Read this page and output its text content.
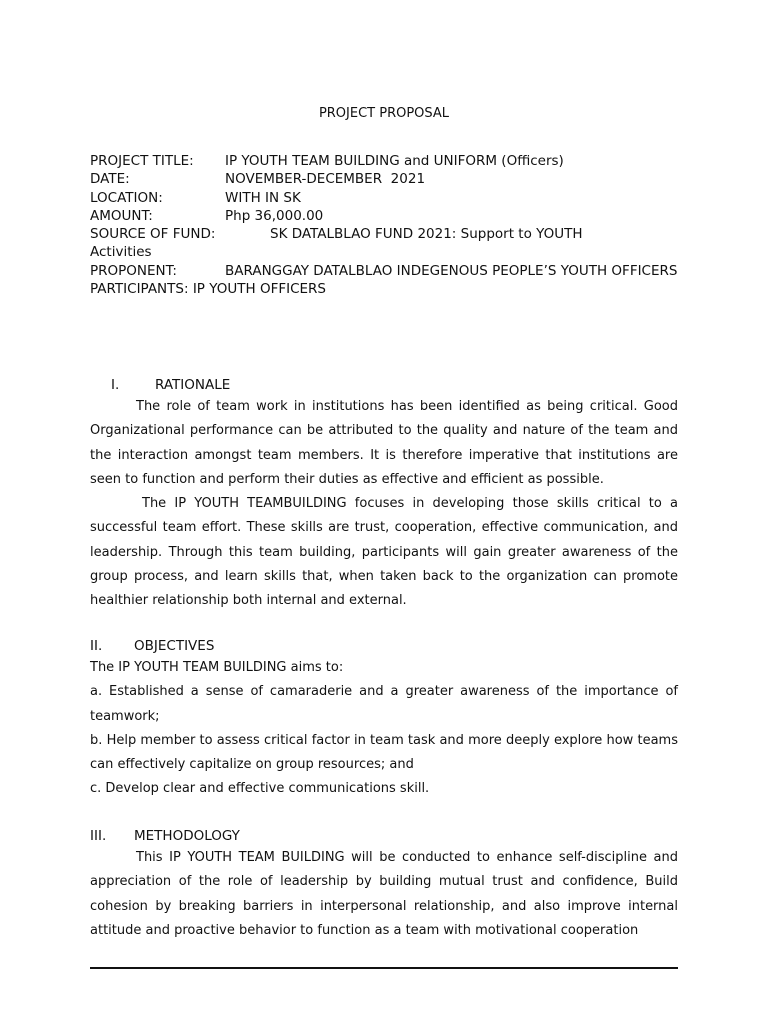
PROJECT PROPOSAL
PROJECT TITLE:	IP YOUTH TEAM BUILDING and UNIFORM (Officers)
DATE:	NOVEMBER-DECEMBER  2021
LOCATION:	WITH IN SK
AMOUNT:	Php 36,000.00
SOURCE OF FUND:	SK DATALBLAO FUND 2021: Support to YOUTH
Activities
PROPONENT:	BARANGGAY DATALBLAO INDEGENOUS PEOPLE’S YOUTH OFFICERS
PARTICIPANTS:
IP YOUTH OFFICERS
I.	RATIONALE

The role of team work in institutions has been identified as being critical. Good Organizational performance can be attributed to the quality and nature of the team and the interaction amongst team members. It is therefore imperative that institutions are seen to function and perform their duties as effective and efficient as possible.

The IP YOUTH TEAMBUILDING focuses in developing those skills critical to a successful team effort. These skills are trust, cooperation, effective communication, and leadership. Through this team building, participants will gain greater awareness of the group process, and learn skills that, when taken back to the organization can promote healthier relationship both internal and external.

II.	OBJECTIVES

The IP YOUTH TEAM BUILDING aims to:

a. Established a sense of camaraderie and a greater awareness of the importance of teamwork;

b. Help member to assess critical factor in team task and more deeply explore how teams can effectively capitalize on group resources; and

c. Develop clear and effective communications skill.

III.	METHODOLOGY

This IP YOUTH TEAM BUILDING will be conducted to enhance self-discipline and appreciation of the role of leadership by building mutual trust and confidence, Build cohesion by breaking barriers in interpersonal relationship, and also improve internal attitude and proactive behavior to function as a team with motivational cooperation
